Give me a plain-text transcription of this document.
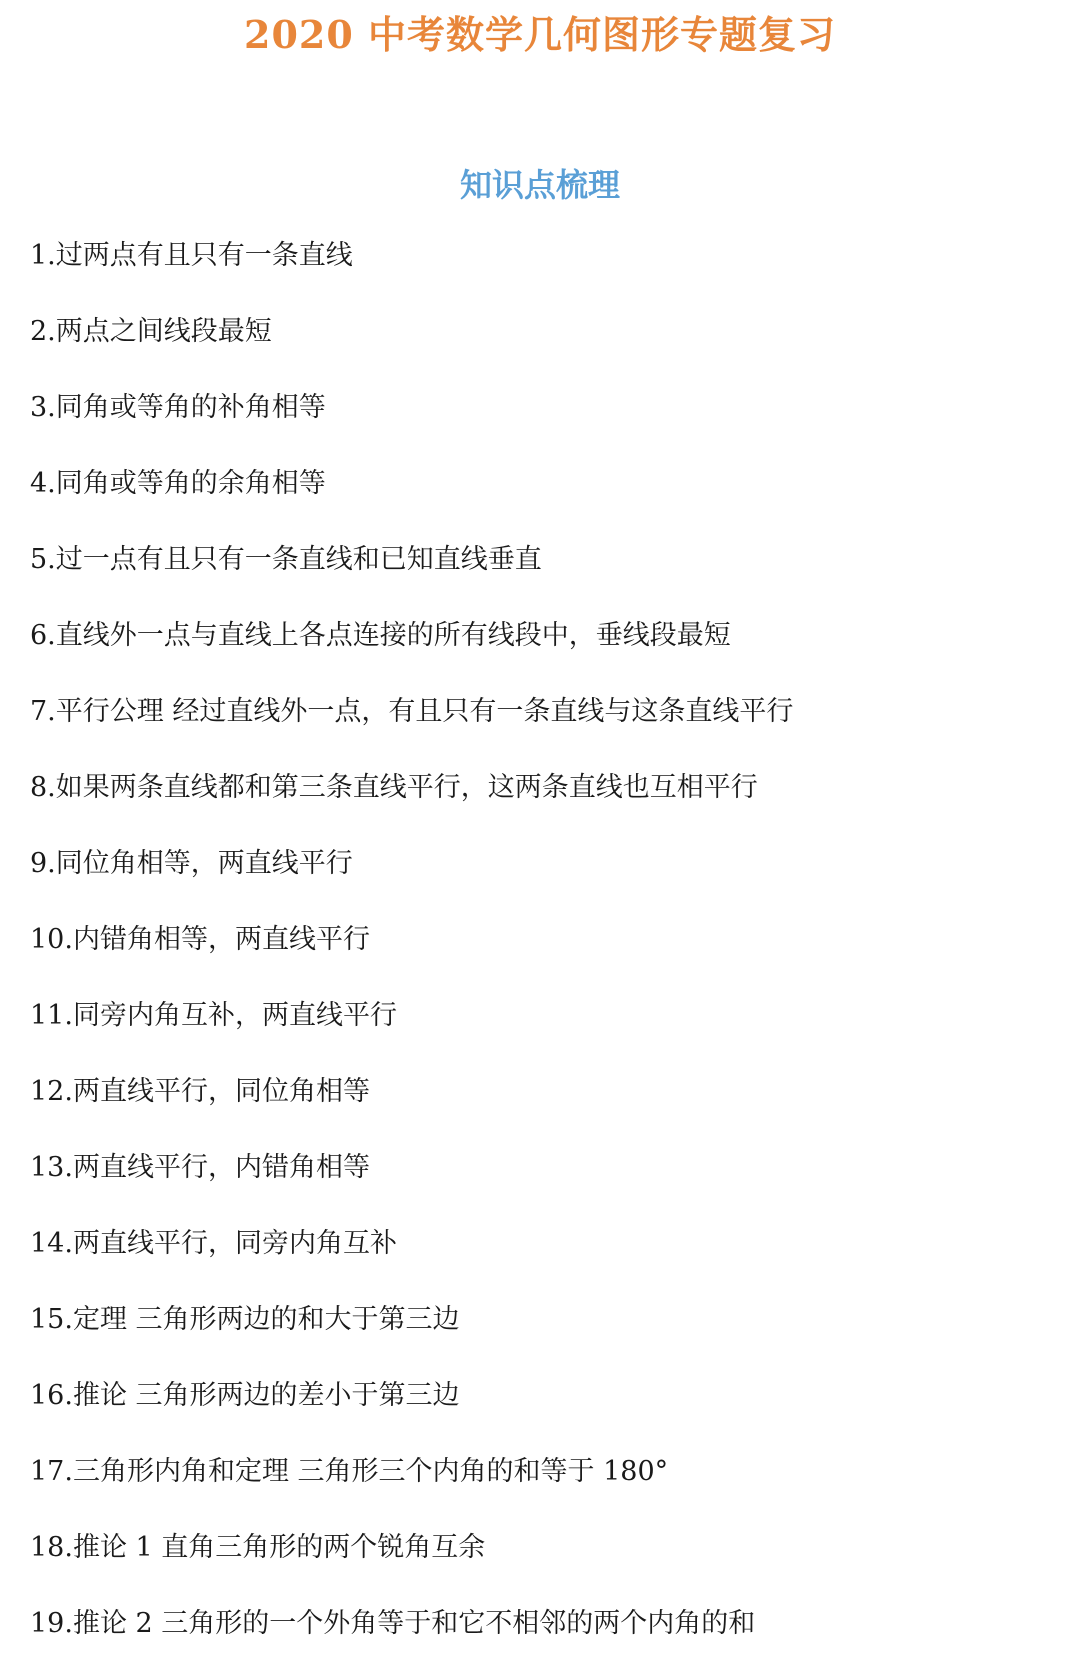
2020 中考数学几何图形专题复习
知识点梳理
1.过两点有且只有一条直线
2.两点之间线段最短
3.同角或等角的补角相等
4.同角或等角的余角相等
5.过一点有且只有一条直线和已知直线垂直
6.直线外一点与直线上各点连接的所有线段中，垂线段最短
7.平行公理 经过直线外一点，有且只有一条直线与这条直线平行
8.如果两条直线都和第三条直线平行，这两条直线也互相平行
9.同位角相等，两直线平行
10.内错角相等，两直线平行
11.同旁内角互补，两直线平行
12.两直线平行，同位角相等
13.两直线平行，内错角相等
14.两直线平行，同旁内角互补
15.定理 三角形两边的和大于第三边
16.推论 三角形两边的差小于第三边
17.三角形内角和定理 三角形三个内角的和等于 180°
18.推论 1 直角三角形的两个锐角互余
19.推论 2 三角形的一个外角等于和它不相邻的两个内角的和
